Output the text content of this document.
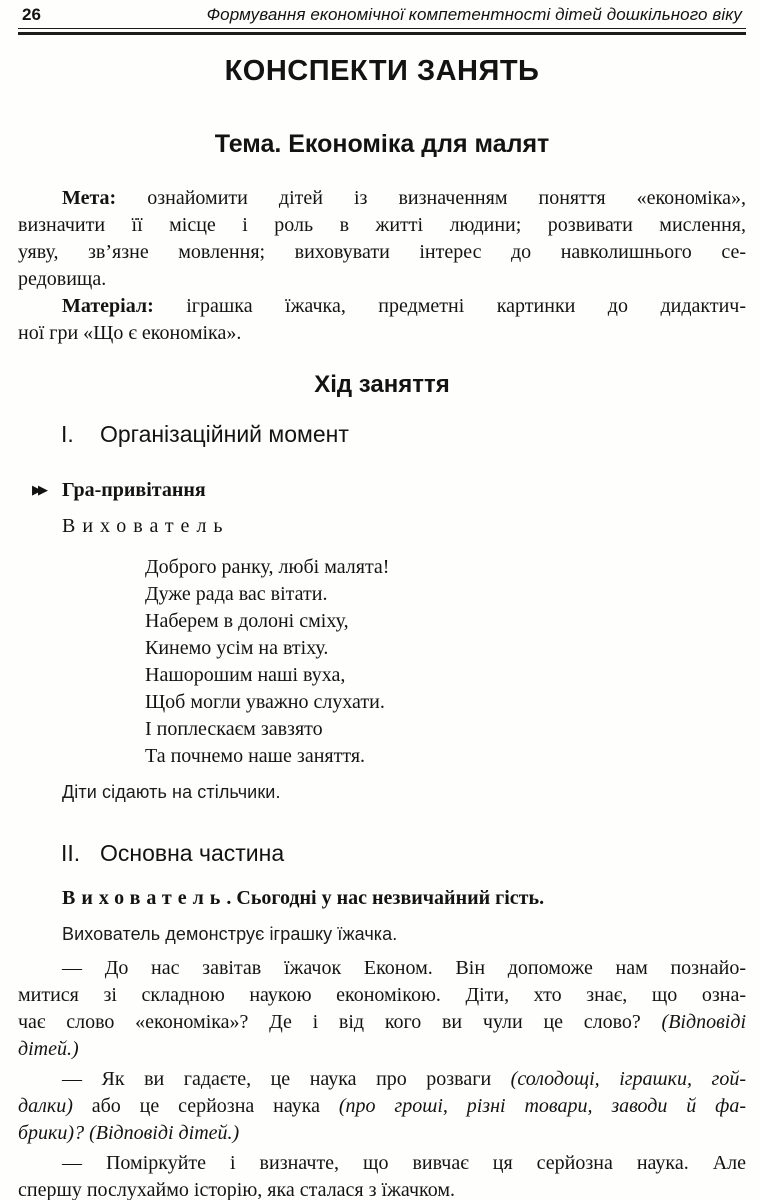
26	Формування економічної компетентності дітей дошкільного віку
КОНСПЕКТИ ЗАНЯТЬ
Тема. Економіка для малят
Мета: ознайомити дітей із визначенням поняття «економіка»,
визначити її місце і роль в житті людини; розвивати мислення,
уяву, зв’язне мовлення; виховувати інтерес до навколишнього се-
редовища.
Матеріал: іграшка їжачка, предметні картинки до дидактич-
ної гри «Що є економіка».
Хід заняття
I. Організаційний момент
▶▶ Гра-привітання
Вихователь
Доброго ранку, любі малята!
Дуже рада вас вітати.
Наберем в долоні сміху,
Кинемо усім на втіху.
Нашорошим наші вуха,
Щоб могли уважно слухати.
І поплескаєм завзято
Та почнемо наше заняття.
Діти сідають на стільчики.
II. Основна частина
Вихователь. Сьогодні у нас незвичайний гість.
Вихователь демонструє іграшку їжачка.
— До нас завітав їжачок Економ. Він допоможе нам познайо-
митися зі складною наукою економікою. Діти, хто знає, що озна-
чає слово «економіка»? Де і від кого ви чули це слово? (Відповіді
дітей.)
— Як ви гадаєте, це наука про розваги (солодощі, іграшки, гой-
далки) або це серйозна наука (про гроші, різні товари, заводи й фа-
брики)? (Відповіді дітей.)
— Поміркуйте і визначте, що вивчає ця серйозна наука. Але
спершу послухаймо історію, яка сталася з їжачком.
